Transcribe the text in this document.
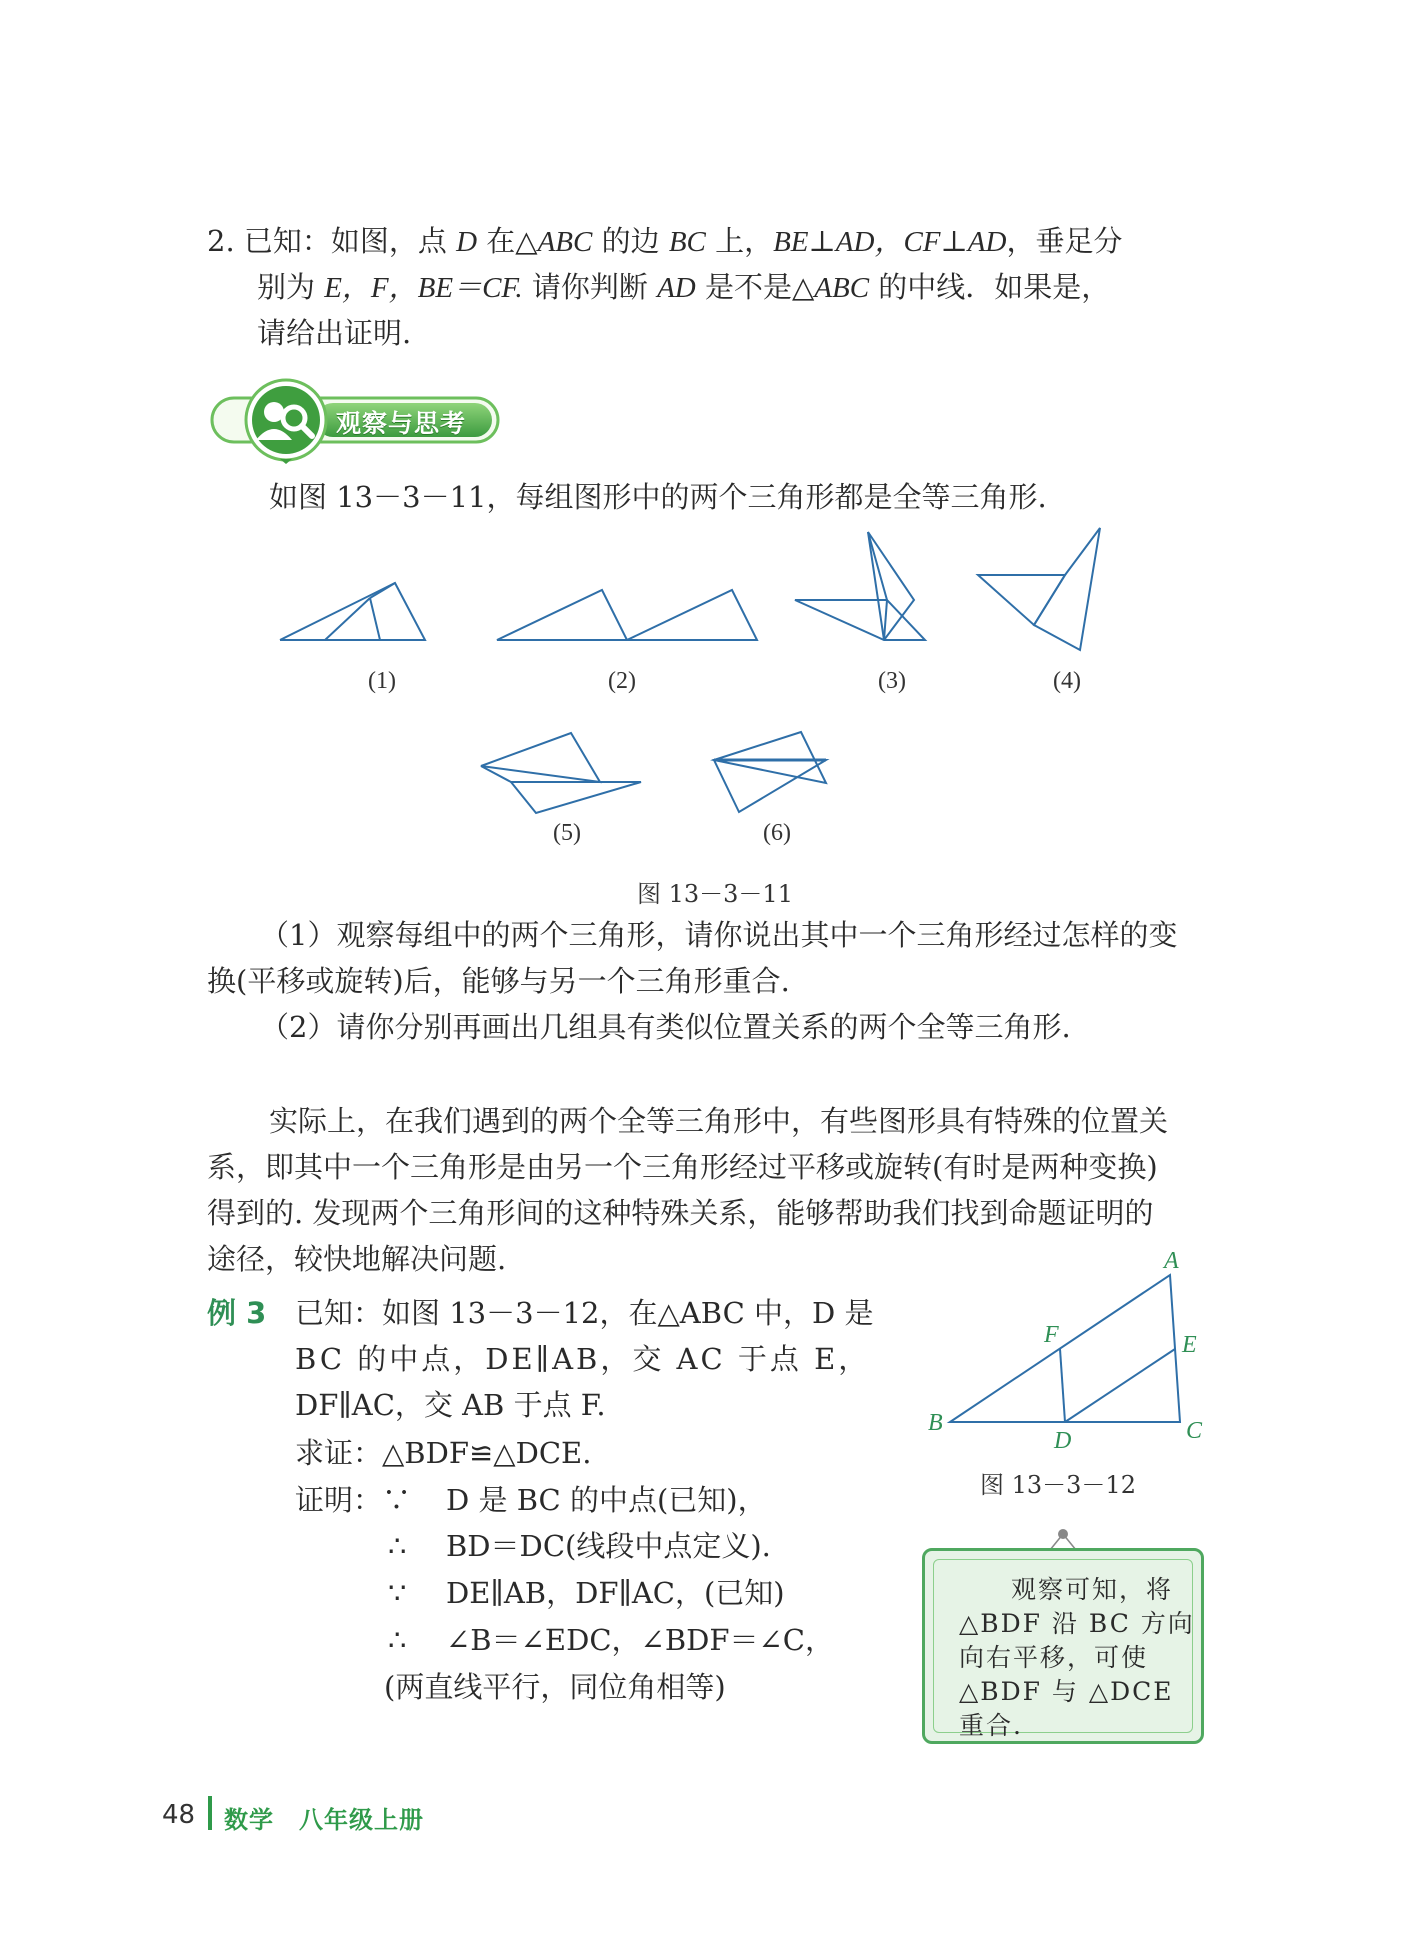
2. 已知：如图，点 D 在△ABC 的边 BC 上，BE⊥AD，CF⊥AD，垂足分
别为 E，F，BE＝CF. 请你判断 AD 是不是△ABC 的中线．如果是，
请给出证明.
观察与思考
如图 13－3－11，每组图形中的两个三角形都是全等三角形.
(1)	(2)	(3)	(4)
(5)	(6)
图 13－3－11
（1）观察每组中的两个三角形，请你说出其中一个三角形经过怎样的变
换(平移或旋转)后，能够与另一个三角形重合.
（2）请你分别再画出几组具有类似位置关系的两个全等三角形.
实际上，在我们遇到的两个全等三角形中，有些图形具有特殊的位置关
系，即其中一个三角形是由另一个三角形经过平移或旋转(有时是两种变换)
得到的. 发现两个三角形间的这种特殊关系，能够帮助我们找到命题证明的
途径，较快地解决问题.
例 3 已知：如图 13－3－12，在△ABC 中，D 是
BC 的中点，DE∥AB，交 AC 于点 E，
DF∥AC，交 AB 于点 F.
求证：△BDF≌△DCE.
证明：∵ D 是 BC 的中点(已知)，
∴ BD＝DC(线段中点定义).
∵ DE∥AB，DF∥AC，(已知)
∴ ∠B＝∠EDC，∠BDF＝∠C，
(两直线平行，同位角相等)
A
B	C
D
E
F
图 13－3－12
观察可知，将
△BDF 沿 BC 方向
向右平移，可使
△BDF 与 △DCE
重合.
48 数学　八年级上册
